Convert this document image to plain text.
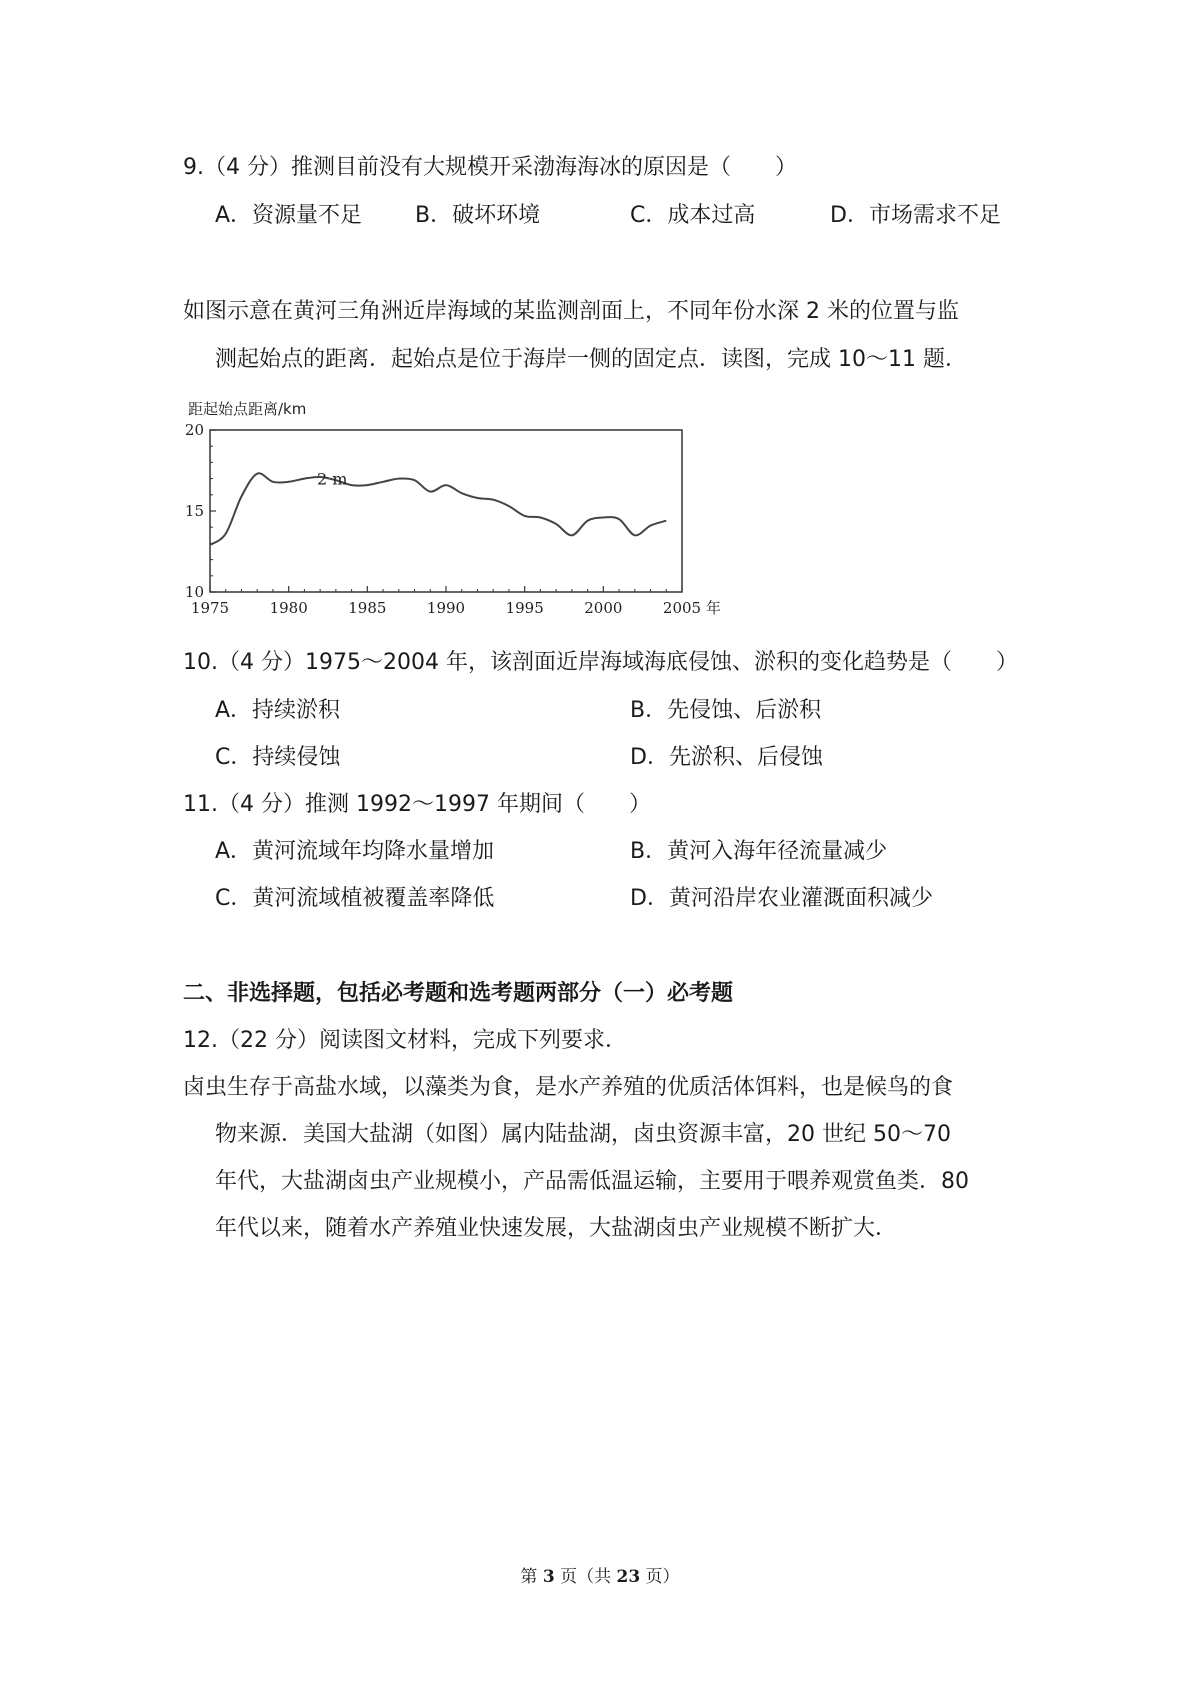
9.（4 分）推测目前没有大规模开采渤海海冰的原因是（　　）
A．资源量不足 B．破坏环境	C．成本过高	D．市场需求不足
如图示意在黄河三角洲近岸海域的某监测剖面上，不同年份水深 2 米的位置与监
测起始点的距离．起始点是位于海岸一侧的固定点．读图，完成 10～11 题．
距起始点距离/km
1975	1980	1985	1990	1995	2000	2005 年
10
15
20
2 m
10.（4 分）1975～2004 年，该剖面近岸海域海底侵蚀、淤积的变化趋势是（　　）
A．持续淤积	B．先侵蚀、后淤积
C．持续侵蚀	D．先淤积、后侵蚀
11.（4 分）推测 1992～1997 年期间（　　）
A．黄河流域年均降水量增加	B．黄河入海年径流量减少
C．黄河流域植被覆盖率降低	D．黄河沿岸农业灌溉面积减少
二、非选择题，包括必考题和选考题两部分（一）必考题
12.（22 分）阅读图文材料，完成下列要求．
卤虫生存于高盐水域，以藻类为食，是水产养殖的优质活体饵料，也是候鸟的食
物来源．美国大盐湖（如图）属内陆盐湖，卤虫资源丰富，20 世纪 50～70
年代，大盐湖卤虫产业规模小，产品需低温运输，主要用于喂养观赏鱼类．80
年代以来，随着水产养殖业快速发展，大盐湖卤虫产业规模不断扩大．
第 3 页（共 23 页）
